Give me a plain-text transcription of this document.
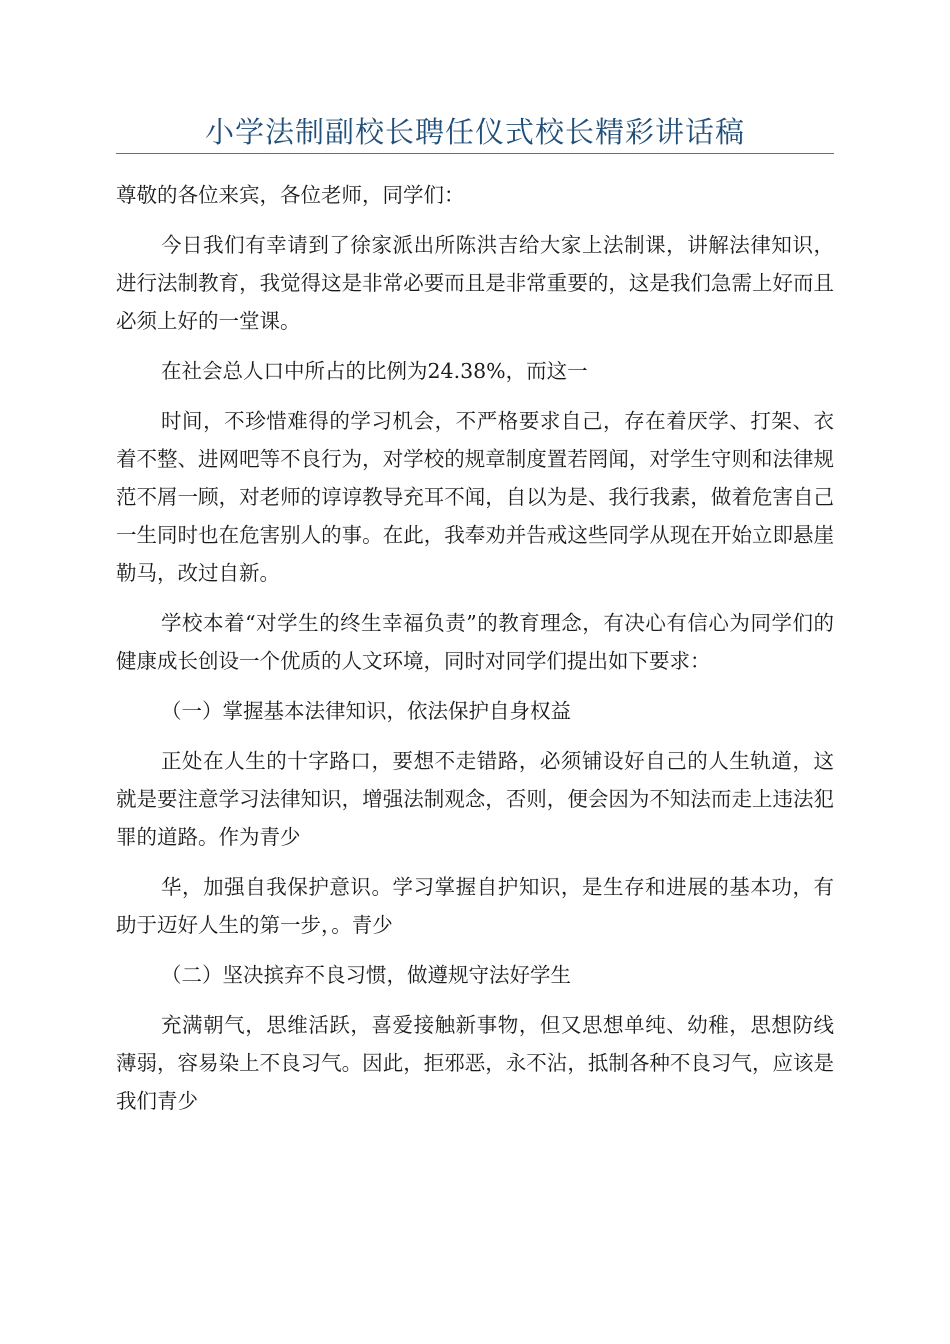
小学法制副校长聘任仪式校长精彩讲话稿

尊敬的各位来宾，各位老师，同学们：

今日我们有幸请到了徐家派出所陈洪吉给大家上法制课，讲解法律知识，进行法制教育，我觉得这是非常必要而且是非常重要的，这是我们急需上好而且必须上好的一堂课。

在社会总人口中所占的比例为24.38%，而这一

时间，不珍惜难得的学习机会，不严格要求自己，存在着厌学、打架、衣着不整、进网吧等不良行为，对学校的规章制度置若罔闻，对学生守则和法律规范不屑一顾，对老师的谆谆教导充耳不闻，自以为是、我行我素，做着危害自己一生同时也在危害别人的事。在此，我奉劝并告戒这些同学从现在开始立即悬崖勒马，改过自新。

学校本着“对学生的终生幸福负责”的教育理念，有决心有信心为同学们的健康成长创设一个优质的人文环境，同时对同学们提出如下要求：

（一）掌握基本法律知识，依法保护自身权益

正处在人生的十字路口，要想不走错路，必须铺设好自己的人生轨道，这就是要注意学习法律知识，增强法制观念，否则，便会因为不知法而走上违法犯罪的道路。作为青少

华，加强自我保护意识。学习掌握自护知识，是生存和进展的基本功，有助于迈好人生的第一步，。青少

（二）坚决摈弃不良习惯，做遵规守法好学生

充满朝气，思维活跃，喜爱接触新事物，但又思想单纯、幼稚，思想防线薄弱，容易染上不良习气。因此，拒邪恶，永不沾，抵制各种不良习气，应该是我们青少
